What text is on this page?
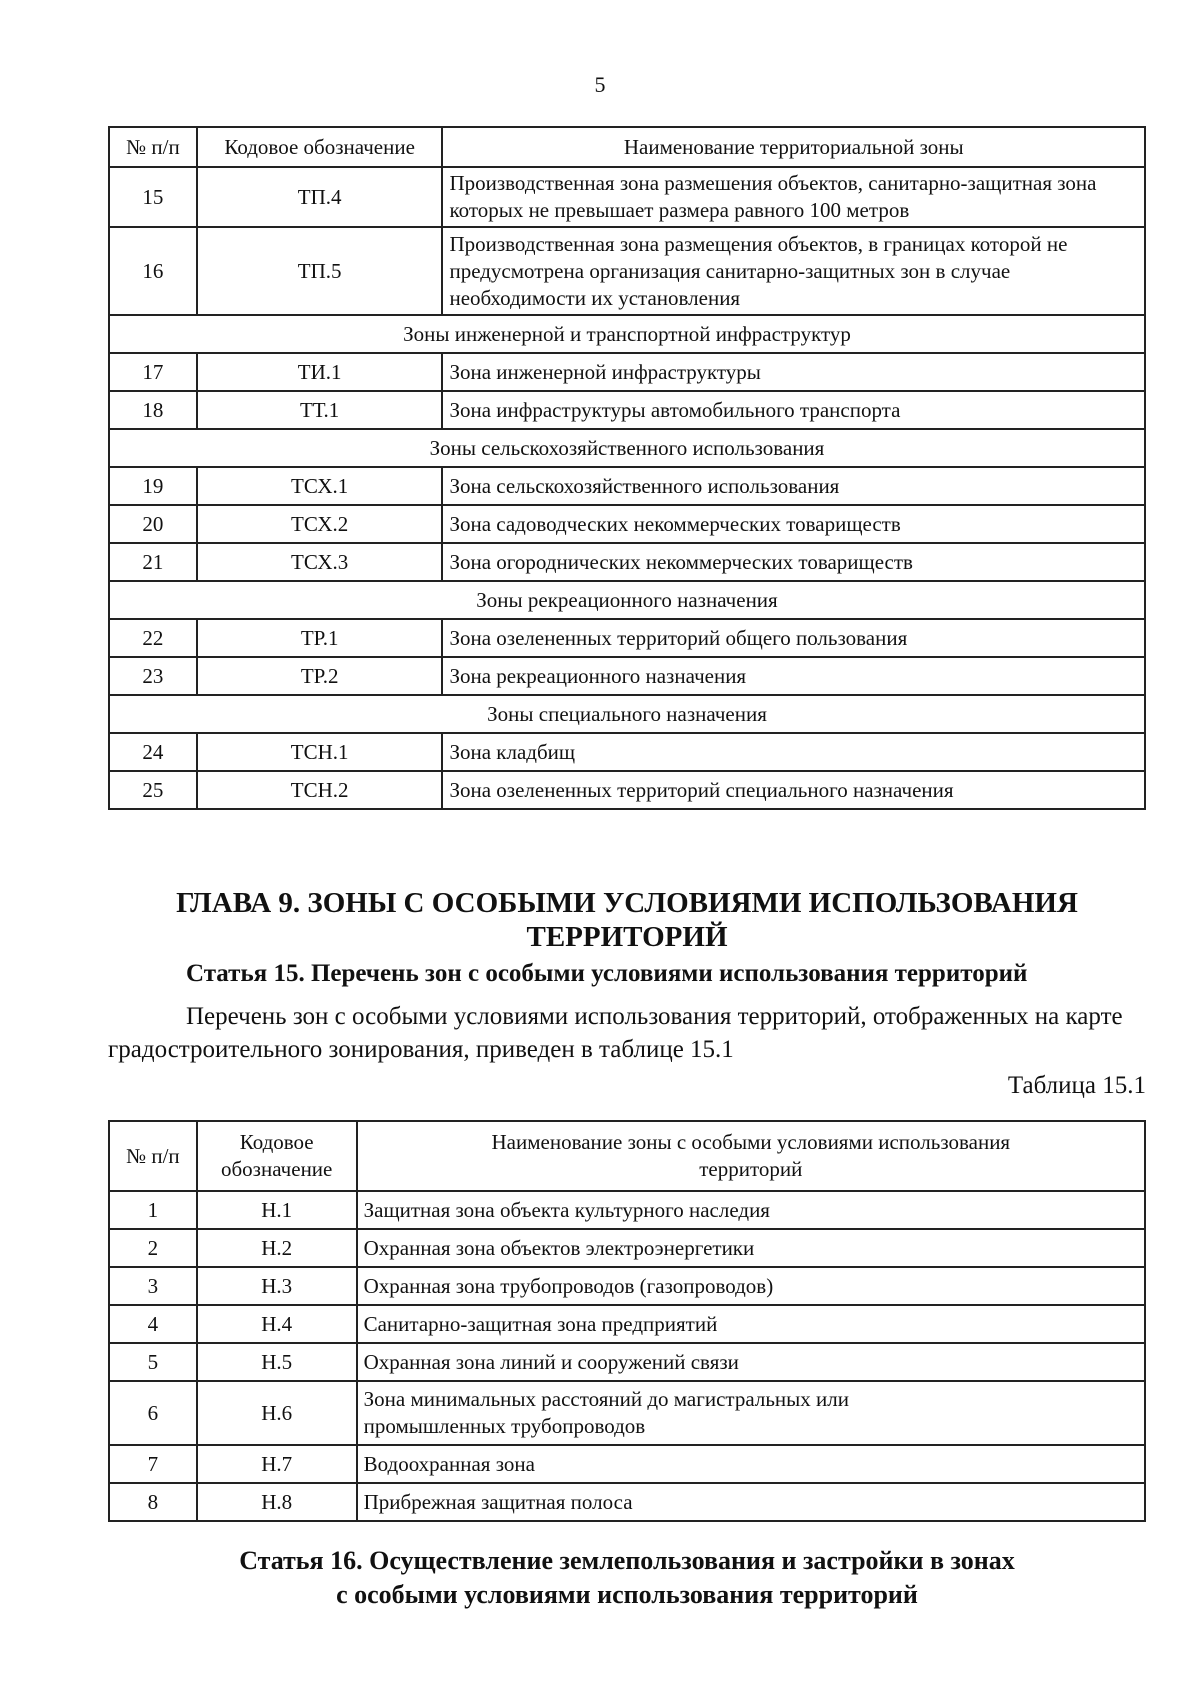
5
№ п/п	Кодовое обозначение	Наименование территориальной зоны
15	ТП.4	Производственная зона размешения объектов, санитарно-защитная зона которых не превышает размера равного 100 метров
16	ТП.5	Производственная зона размещения объектов, в границах которой не предусмотрена организация санитарно-защитных зон в случае необходимости их установления
Зоны инженерной и транспортной инфраструктур		
17	ТИ.1	Зона инженерной инфраструктуры
18	ТТ.1	Зона инфраструктуры автомобильного транспорта
Зоны сельскохозяйственного использования		
19	ТСХ.1	Зона сельскохозяйственного использования
20	ТСХ.2	Зона садоводческих некоммерческих товариществ
21	ТСХ.3	Зона огороднических некоммерческих товариществ
Зоны рекреационного назначения		
22	ТР.1	Зона озелененных территорий общего пользования
23	ТР.2	Зона рекреационного назначения
Зоны специального назначения		
24	ТСН.1	Зона кладбищ
25	ТСН.2	Зона озелененных территорий специального назначения
ГЛАВА 9. ЗОНЫ С ОСОБЫМИ УСЛОВИЯМИ ИСПОЛЬЗОВАНИЯ
ТЕРРИТОРИЙ
Статья 15. Перечень зон с особыми условиями использования территорий
Перечень зон с особыми условиями использования территорий, отображенных на карте градостроительного зонирования, приведен в таблице 15.1
Таблица 15.1
№ п/п	Кодовое обозначение	Наименование зоны с особыми условиями использования территорий
1	Н.1	Защитная зона объекта культурного наследия
2	Н.2	Охранная зона объектов электроэнергетики
3	Н.3	Охранная зона трубопроводов (газопроводов)
4	Н.4	Санитарно-защитная зона предприятий
5	Н.5	Охранная зона линий и сооружений связи
6	Н.6	Зона минимальных расстояний до магистральных или промышленных трубопроводов
7	Н.7	Водоохранная зона
8	Н.8	Прибрежная защитная полоса
Статья 16. Осуществление землепользования и застройки в зонах
с особыми условиями использования территорий
